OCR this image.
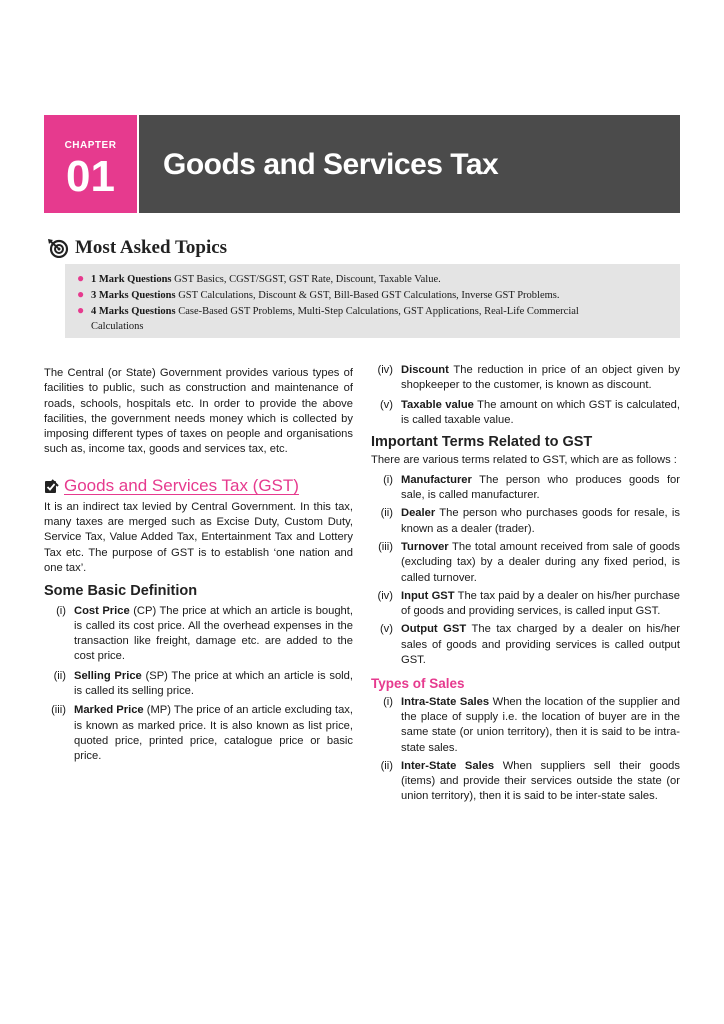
CHAPTER
01	Goods and Services Tax
Most Asked Topics
● 1 Mark Questions GST Basics, CGST/SGST, GST Rate, Discount, Taxable Value.
● 3 Marks Questions GST Calculations, Discount & GST, Bill-Based GST Calculations, Inverse GST Problems.
● 4 Marks Questions Case-Based GST Problems, Multi-Step Calculations, GST Applications, Real-Life Commercial Calculations
The Central (or State) Government provides various types of facilities to public, such as construction and maintenance of roads, schools, hospitals etc. In order to provide the above facilities, the government needs money which is collected by imposing different types of taxes on people and organisations such as, income tax, goods and services tax, etc.
Goods and Services Tax (GST)
It is an indirect tax levied by Central Government. In this tax, many taxes are merged such as Excise Duty, Custom Duty, Service Tax, Value Added Tax, Entertainment Tax and Lottery Tax etc. The purpose of GST is to establish ‘one nation and one tax’.
Some Basic Definition
(i) Cost Price (CP) The price at which an article is bought, is called its cost price. All the overhead expenses in the transaction like freight, damage etc. are added to the cost price.
(ii) Selling Price (SP) The price at which an article is sold, is called its selling price.
(iii) Marked Price (MP) The price of an article excluding tax, is known as marked price. It is also known as list price, quoted price, printed price, catalogue price or basic price.
(iv) Discount The reduction in price of an object given by shopkeeper to the customer, is known as discount.
(v) Taxable value The amount on which GST is calculated, is called taxable value.
Important Terms Related to GST
There are various terms related to GST, which are as follows :
(i) Manufacturer The person who produces goods for sale, is called manufacturer.
(ii) Dealer The person who purchases goods for resale, is known as a dealer (trader).
(iii) Turnover The total amount received from sale of goods (excluding tax) by a dealer during any fixed period, is called turnover.
(iv) Input GST The tax paid by a dealer on his/her purchase of goods and providing services, is called input GST.
(v) Output GST The tax charged by a dealer on his/her sales of goods and providing services is called output GST.
Types of Sales
(i) Intra-State Sales When the location of the supplier and the place of supply i.e. the location of buyer are in the same state (or union territory), then it is said to be intra-state sales.
(ii) Inter-State Sales When suppliers sell their goods (items) and provide their services outside the state (or union territory), then it is said to be inter-state sales.
